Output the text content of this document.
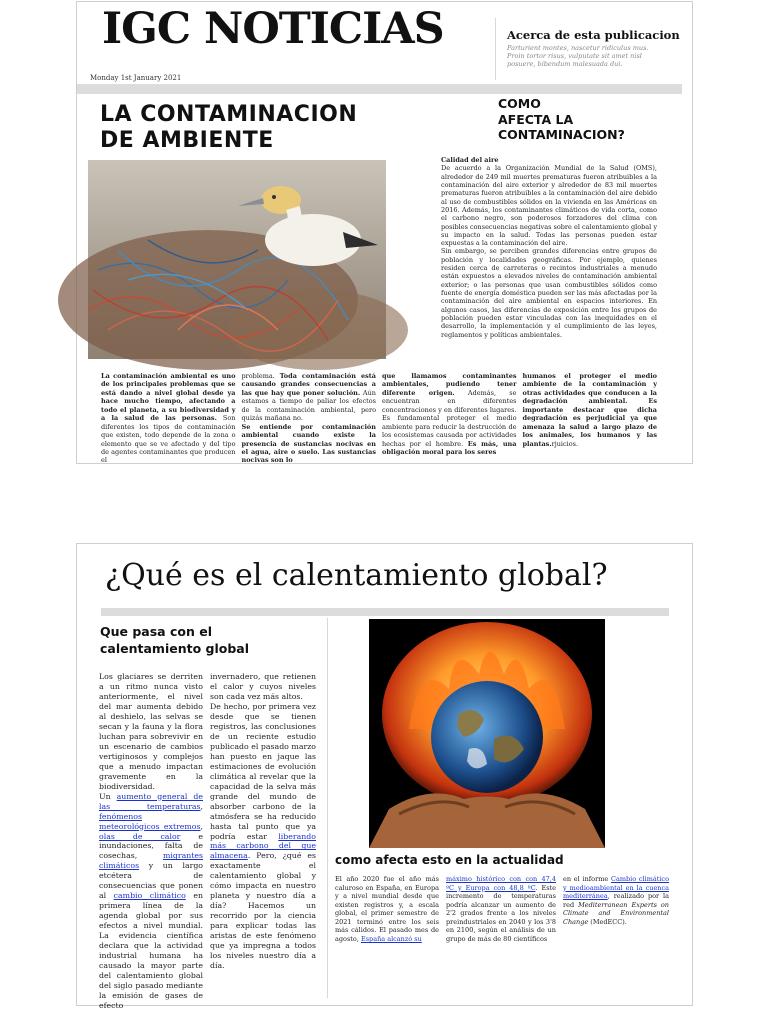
IGC NOTICIAS
Monday 1st January 2021
Acerca de esta publicacion
Parturient montes, nascetur ridiculus mus. Proin tortor risus, vulputate sit amet nisl posuere, bibendum malesuada dui.
LA CONTAMINACION
DE AMBIENTE
COMO
AFECTA LA
CONTAMINACION?

Calidad del aire

De acuerdo a la Organización Mundial de la Salud (OMS), alrededor de 249 mil muertes prematuras fueron atribuibles a la contaminación del aire exterior y alrededor de 83 mil muertes prematuras fueron atribuibles a la contaminación del aire debido al uso de combustibles sólidos en la vivienda en las Américas en 2016. Además, los contaminantes climáticos de vida corta, como el carbono negro, son poderosos forzadores del clima con posibles consecuencias negativas sobre el calentamiento global y su impacto en la salud. Todas las personas pueden estar expuestas a la contaminación del aire.

Sin embargo, se perciben grandes diferencias entre grupos de población y localidades geográficas. Por ejemplo, quienes residen cerca de carreteras o recintos industriales a menudo están expuestos a elevados niveles de contaminación ambiental exterior; o las personas que usan combustibles sólidos como fuente de energía doméstica pueden ser las más afectadas por la contaminación del aire ambiental en espacios interiores. En algunos casos, las diferencias de exposición entre los grupos de población pueden estar vinculadas con las inequidades en el desarrollo, la implementación y el cumplimiento de las leyes, reglamentos y políticas ambientales.

La contaminación ambiental es uno de los principales problemas que se está dando a nivel global desde ya hace mucho tiempo, afectando a todo el planeta, a su biodiversidad y a la salud de las personas. Son diferentes los tipos de contaminación que existen, todo depende de la zona o elemento que se ve afectado y del tipo de agentes contaminantes que producen el

problema. Toda contaminación está causando grandes consecuencias a las que hay que poner solución. Aún estamos a tiempo de paliar los efectos de la contaminación ambiental, pero quizás mañana no.

Se entiende por contaminación ambiental cuando existe la presencia de sustancias nocivas en el agua, aire o suelo. Las sustancias nocivas son lo

que llamamos contaminantes ambientales, pudiendo tener diferente origen. Además, se encuentran en diferentes concentraciones y en diferentes lugares. Es fundamental proteger el medio ambiente para reducir la destrucción de los ecosistemas causada por actividades hechas por el hombre. Es más, una obligación moral para los seres

humanos el proteger el medio ambiente de la contaminación y otras actividades que conducen a la degradación ambiental. Es importante destacar que dicha degradación es perjudicial ya que amenaza la salud a largo plazo de los animales, los humanos y las plantas.rjuicios.

¿Qué es el calentamiento global?
Que pasa con el
calentamiento global

Los glaciares se derriten a un ritmo nunca visto anteriormente, el nivel del mar aumenta debido al deshielo, las selvas se secan y la fauna y la flora luchan para sobrevivir en un escenario de cambios vertiginosos y complejos que a menudo impactan gravemente en la biodiversidad.

Un aumento general de las temperaturas, fenómenos meteorológicos extremos, olas de calor e inundaciones, falta de cosechas, migrantes climáticos y un largo etcétera de consecuencias que ponen al cambio climático en primera línea de la agenda global por sus efectos a nivel mundial. La evidencia científica declara que la actividad industrial humana ha causado la mayor parte del calentamiento global del siglo pasado mediante la emisión de gases de efecto

invernadero, que retienen el calor y cuyos niveles son cada vez más altos.

De hecho, por primera vez desde que se tienen registros, las conclusiones de un reciente estudio publicado el pasado marzo han puesto en jaque las estimaciones de evolución climática al revelar que la capacidad de la selva más grande del mundo de absorber carbono de la atmósfera se ha reducido hasta tal punto que ya podría estar liberando más carbono del que almacena. Pero, ¿qué es exactamente el calentamiento global y cómo impacta en nuestro planeta y nuestro día a día? Hacemos un recorrido por la ciencia para explicar todas las aristas de este fenómeno que ya impregna a todos los niveles nuestro día a día.

como afecta esto en la actualidad

El año 2020 fue el año más caluroso en España, en Europa y a nivel mundial desde que existen registros y, a escala global, el primer semestre de 2021 terminó entre los seis más cálidos. El pasado mes de agosto, España alcanzó su

máximo histórico con con 47,4 ºC y Europa con 48,8 ºC. Este incremento de temperaturas podría alcanzar un aumento de 2'2 grados frente a los niveles preindustriales en 2040 y los 3'8 en 2100, según el análisis de un grupo de más de 80 científicos

en el informe Cambio climático y medioambiental en la cuenca mediterránea, realizado por la red Mediterranean Experts on Climate and Environmental Change (MedECC).
